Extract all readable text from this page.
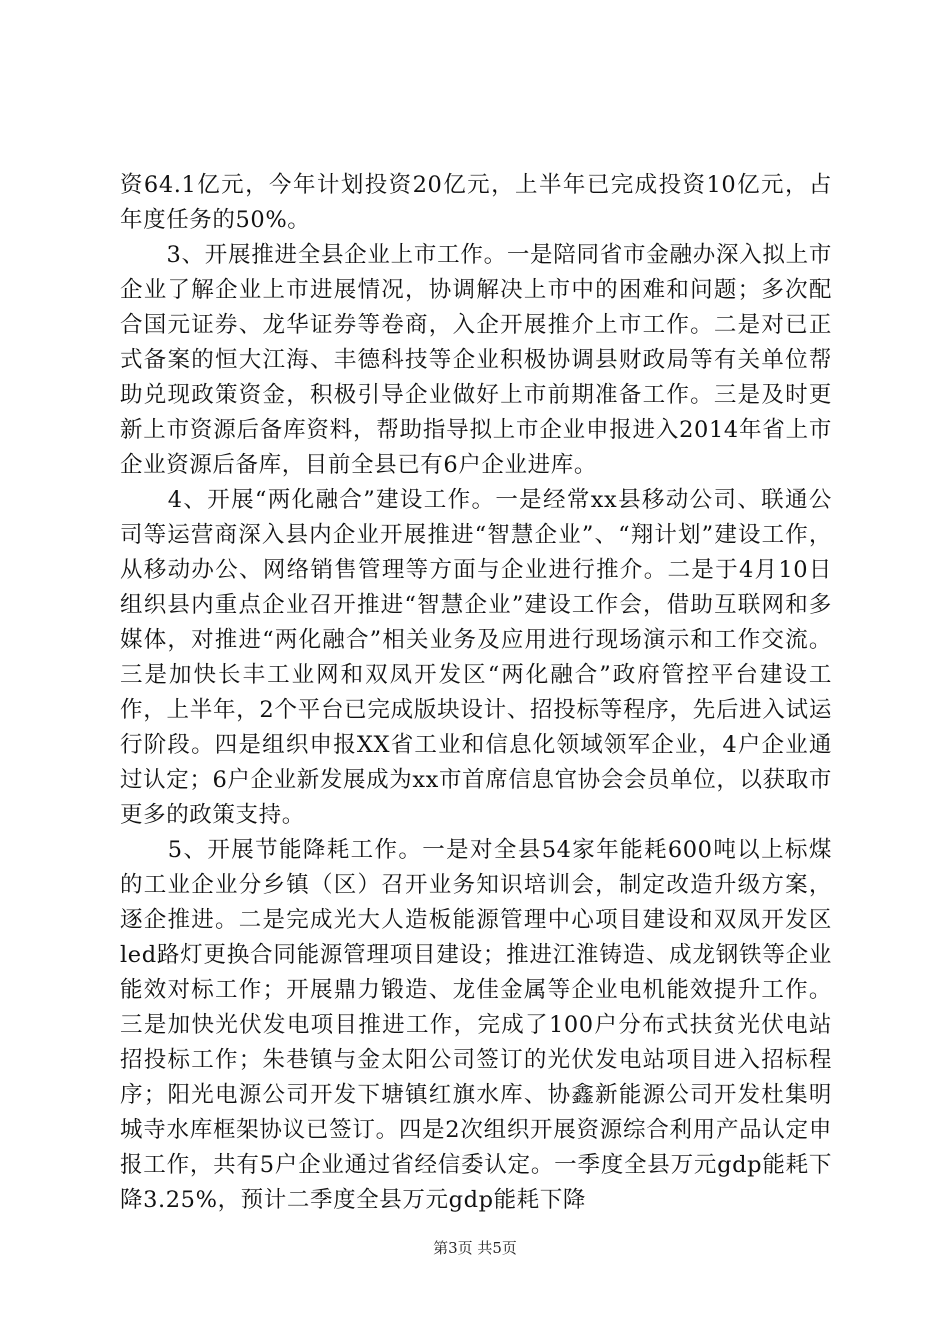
资64.1亿元，今年计划投资20亿元，上半年已完成投资10亿元，占年度任务的50%。

　　3、开展推进全县企业上市工作。一是陪同省市金融办深入拟上市企业了解企业上市进展情况，协调解决上市中的困难和问题；多次配合国元证券、龙华证券等卷商，入企开展推介上市工作。二是对已正式备案的恒大江海、丰德科技等企业积极协调县财政局等有关单位帮助兑现政策资金，积极引导企业做好上市前期准备工作。三是及时更新上市资源后备库资料，帮助指导拟上市企业申报进入2014年省上市企业资源后备库，目前全县已有6户企业进库。

　　4、开展“两化融合”建设工作。一是经常xx县移动公司、联通公司等运营商深入县内企业开展推进“智慧企业”、“翔计划”建设工作，从移动办公、网络销售管理等方面与企业进行推介。二是于4月10日组织县内重点企业召开推进“智慧企业”建设工作会，借助互联网和多媒体，对推进“两化融合”相关业务及应用进行现场演示和工作交流。三是加快长丰工业网和双凤开发区“两化融合”政府管控平台建设工作，上半年，2个平台已完成版块设计、招投标等程序，先后进入试运行阶段。四是组织申报XX省工业和信息化领域领军企业，4户企业通过认定；6户企业新发展成为xx市首席信息官协会会员单位，以获取市更多的政策支持。

　　5、开展节能降耗工作。一是对全县54家年能耗600吨以上标煤的工业企业分乡镇（区）召开业务知识培训会，制定改造升级方案，逐企推进。二是完成光大人造板能源管理中心项目建设和双凤开发区led路灯更换合同能源管理项目建设；推进江淮铸造、成龙钢铁等企业能效对标工作；开展鼎力锻造、龙佳金属等企业电机能效提升工作。三是加快光伏发电项目推进工作，完成了100户分布式扶贫光伏电站招投标工作；朱巷镇与金太阳公司签订的光伏发电站项目进入招标程序；阳光电源公司开发下塘镇红旗水库、协鑫新能源公司开发杜集明城寺水库框架协议已签订。四是2次组织开展资源综合利用产品认定申报工作，共有5户企业通过省经信委认定。一季度全县万元gdp能耗下降3.25%，预计二季度全县万元gdp能耗下降

第3页 共5页
